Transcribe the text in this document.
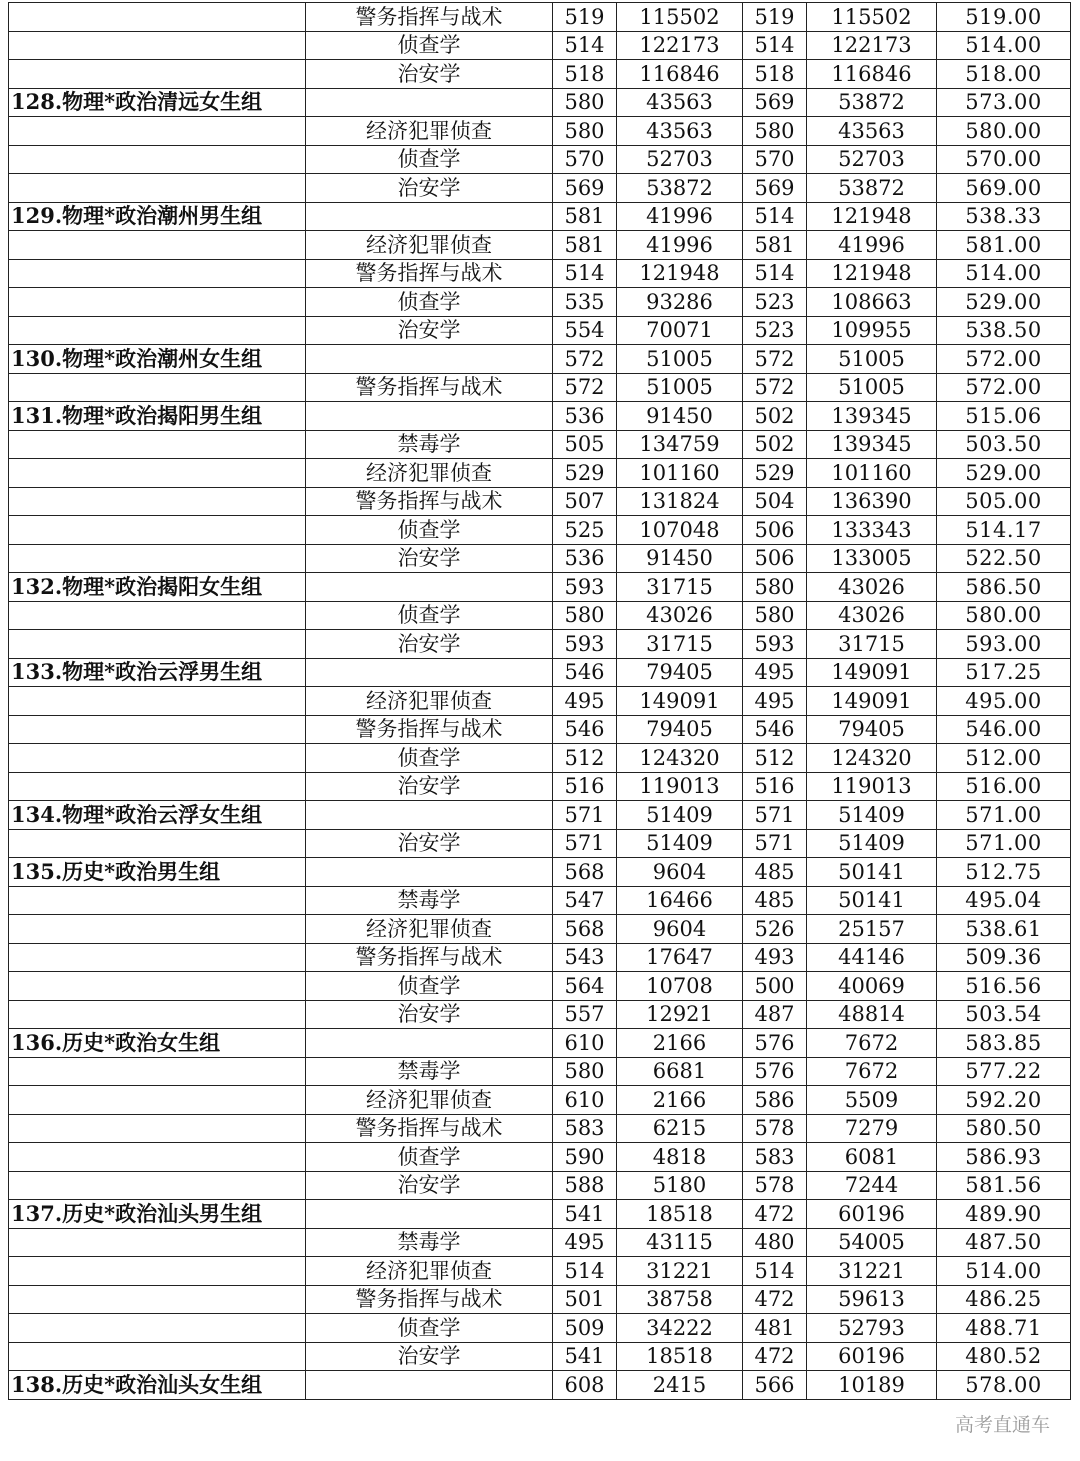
	警务指挥与战术	519	115502	519	115502	519.00
	侦查学	514	122173	514	122173	514.00
	治安学	518	116846	518	116846	518.00
128.物理*政治清远女生组		580	43563	569	53872	573.00
	经济犯罪侦查	580	43563	580	43563	580.00
	侦查学	570	52703	570	52703	570.00
	治安学	569	53872	569	53872	569.00
129.物理*政治潮州男生组		581	41996	514	121948	538.33
	经济犯罪侦查	581	41996	581	41996	581.00
	警务指挥与战术	514	121948	514	121948	514.00
	侦查学	535	93286	523	108663	529.00
	治安学	554	70071	523	109955	538.50
130.物理*政治潮州女生组		572	51005	572	51005	572.00
	警务指挥与战术	572	51005	572	51005	572.00
131.物理*政治揭阳男生组		536	91450	502	139345	515.06
	禁毒学	505	134759	502	139345	503.50
	经济犯罪侦查	529	101160	529	101160	529.00
	警务指挥与战术	507	131824	504	136390	505.00
	侦查学	525	107048	506	133343	514.17
	治安学	536	91450	506	133005	522.50
132.物理*政治揭阳女生组		593	31715	580	43026	586.50
	侦查学	580	43026	580	43026	580.00
	治安学	593	31715	593	31715	593.00
133.物理*政治云浮男生组		546	79405	495	149091	517.25
	经济犯罪侦查	495	149091	495	149091	495.00
	警务指挥与战术	546	79405	546	79405	546.00
	侦查学	512	124320	512	124320	512.00
	治安学	516	119013	516	119013	516.00
134.物理*政治云浮女生组		571	51409	571	51409	571.00
	治安学	571	51409	571	51409	571.00
135.历史*政治男生组		568	9604	485	50141	512.75
	禁毒学	547	16466	485	50141	495.04
	经济犯罪侦查	568	9604	526	25157	538.61
	警务指挥与战术	543	17647	493	44146	509.36
	侦查学	564	10708	500	40069	516.56
	治安学	557	12921	487	48814	503.54
136.历史*政治女生组		610	2166	576	7672	583.85
	禁毒学	580	6681	576	7672	577.22
	经济犯罪侦查	610	2166	586	5509	592.20
	警务指挥与战术	583	6215	578	7279	580.50
	侦查学	590	4818	583	6081	586.93
	治安学	588	5180	578	7244	581.56
137.历史*政治汕头男生组		541	18518	472	60196	489.90
	禁毒学	495	43115	480	54005	487.50
	经济犯罪侦查	514	31221	514	31221	514.00
	警务指挥与战术	501	38758	472	59613	486.25
	侦查学	509	34222	481	52793	488.71
	治安学	541	18518	472	60196	480.52
138.历史*政治汕头女生组		608	2415	566	10189	578.00
高考直通车
